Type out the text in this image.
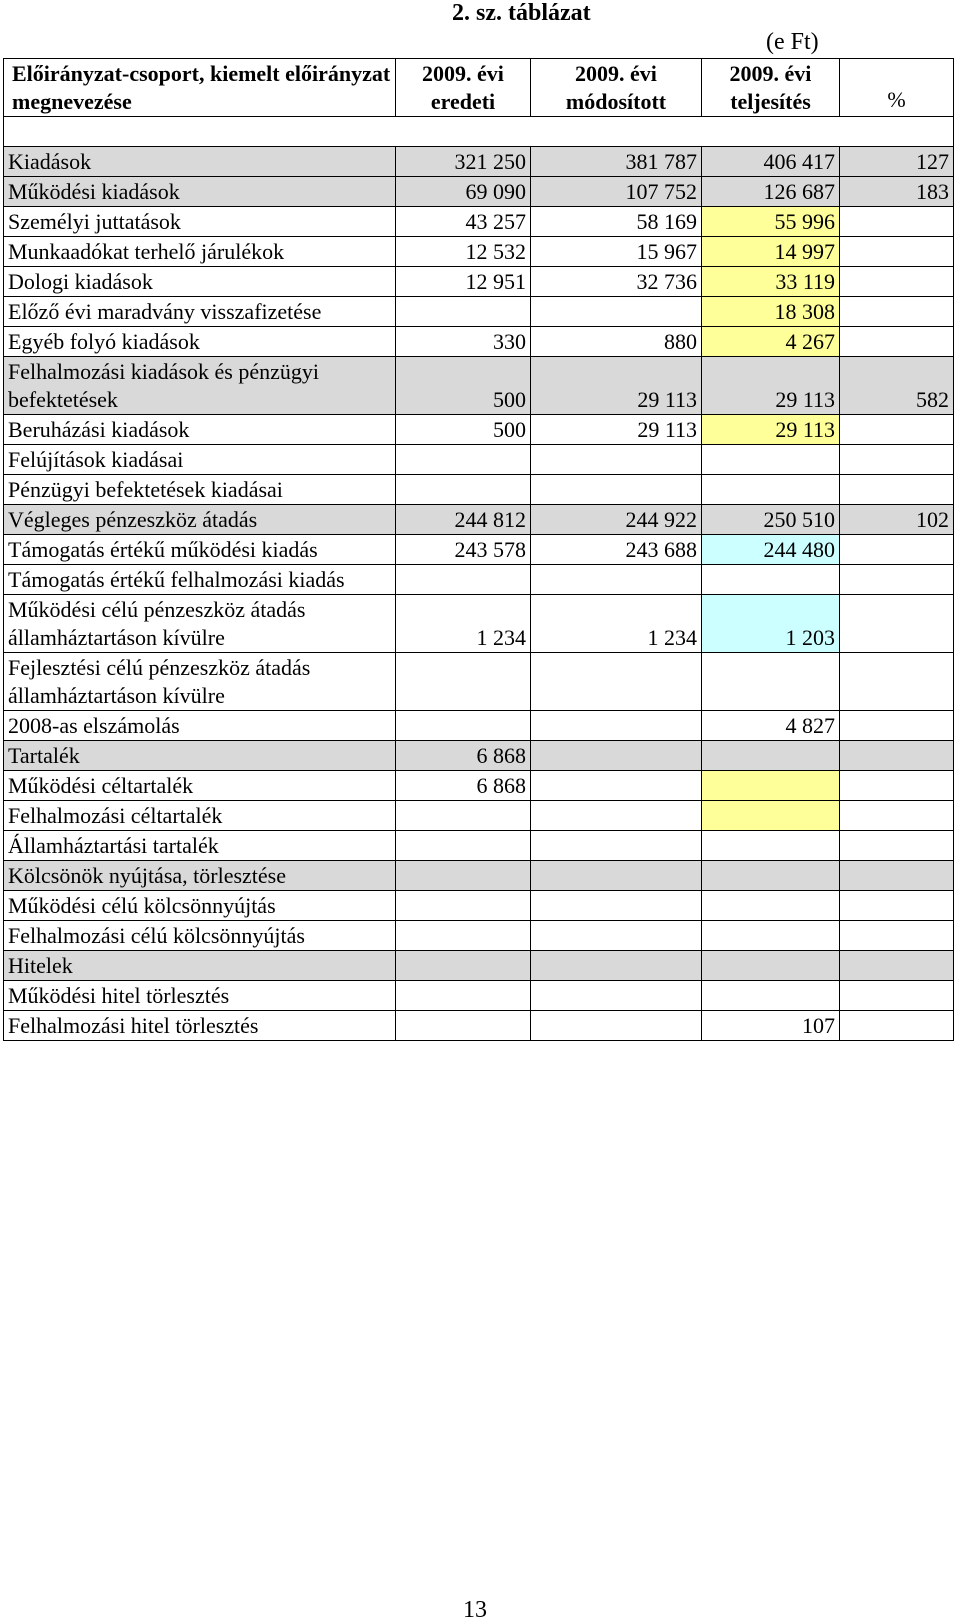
2. sz. táblázat
(e Ft)
Előirányzat-csoport, kiemelt előirányzat megnevezése	2009. évi eredeti	2009. évi módosított	2009. évi teljesítés	%

Kiadások	321 250	381 787	406 417	127
Működési kiadások	69 090	107 752	126 687	183
Személyi juttatások	43 257	58 169	55 996	
Munkaadókat terhelő járulékok	12 532	15 967	14 997	
Dologi kiadások	12 951	32 736	33 119	
Előző évi maradvány visszafizetése			18 308	
Egyéb folyó kiadások	330	880	4 267	
Felhalmozási kiadások és pénzügyi befektetések	500	29 113	29 113	582
Beruházási kiadások	500	29 113	29 113	
Felújítások kiadásai				
Pénzügyi befektetések kiadásai				
Végleges pénzeszköz átadás	244 812	244 922	250 510	102
Támogatás értékű működési kiadás	243 578	243 688	244 480	
Támogatás értékű felhalmozási kiadás				
Működési célú pénzeszköz átadás államháztartáson kívülre	1 234	1 234	1 203	
Fejlesztési célú pénzeszköz átadás államháztartáson kívülre				
2008-as elszámolás			4 827	
Tartalék	6 868			
Működési céltartalék	6 868			
Felhalmozási céltartalék				
Államháztartási tartalék				
Kölcsönök nyújtása, törlesztése				
Működési célú kölcsönnyújtás				
Felhalmozási célú kölcsönnyújtás				
Hitelek				
Működési hitel törlesztés				
Felhalmozási hitel törlesztés			107	
13
